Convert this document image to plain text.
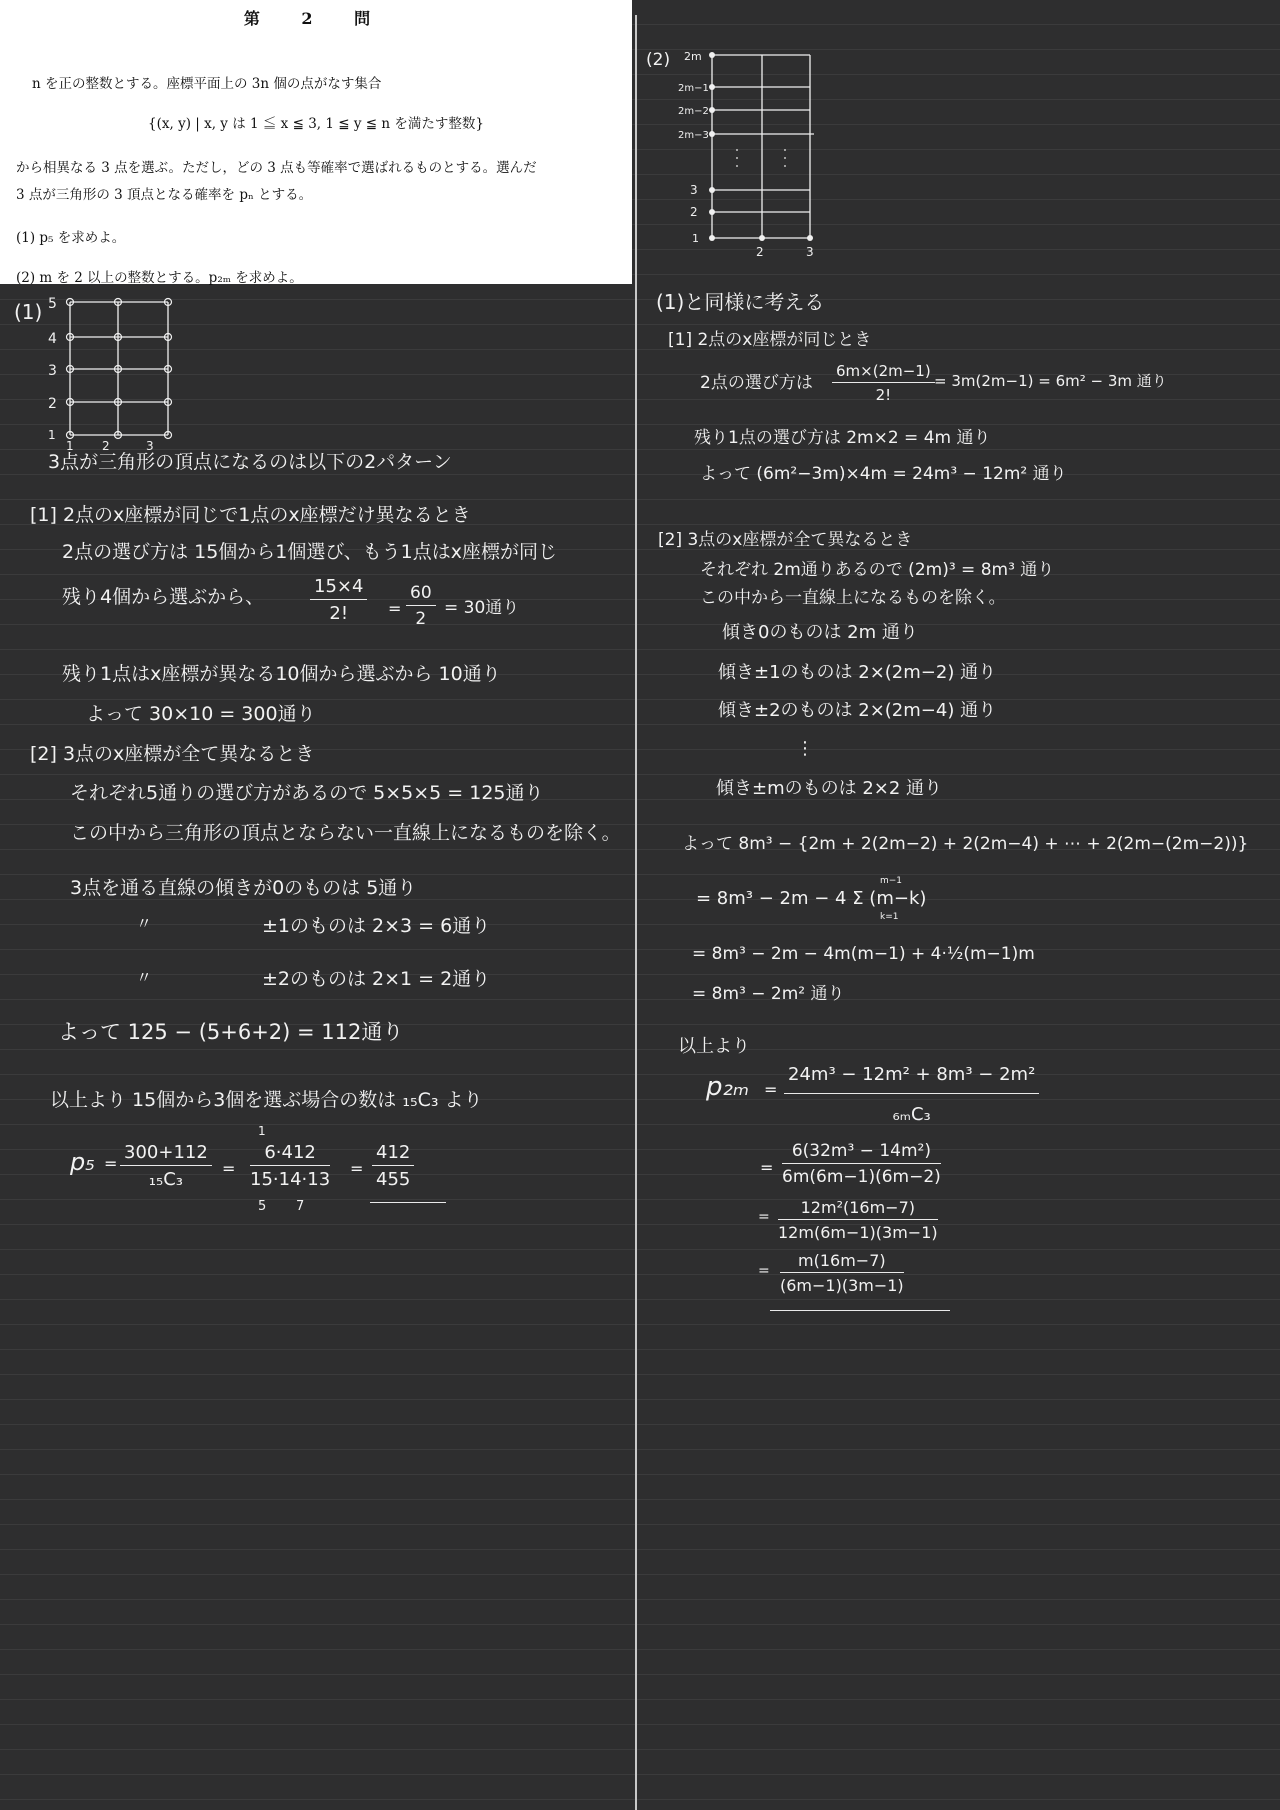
第 2 問
n を正の整数とする。座標平面上の 3n 個の点がなす集合
{(x, y) | x, y は 1 ≦ x ≦ 3, 1 ≦ y ≦ n を満たす整数}
から相異なる 3 点を選ぶ。ただし，どの 3 点も等確率で選ばれるものとする。選んだ
3 点が三角形の 3 頂点となる確率を pₙ とする。
(1) p₅ を求めよ。
(2) m を 2 以上の整数とする。p₂ₘ を求めよ。
(1) 5
4
3
2
1
1 2	3
3点が三角形の頂点になるのは以下の2パターン
[1] 2点のx座標が同じで1点のx座標だけ異なるとき
2点の選び方は 15個から1個選び、もう1点はx座標が同じ
残り4個から選ぶから、	$\frac{15\times 4}{2!} = \frac{60}{2} = 30$通り
残り1点はx座標が異なる10個から選ぶから 10通り
よって 30×10 = 300通り
[2] 3点のx座標が全て異なるとき
それぞれ5通りの選び方があるので 5×5×5 = 125通り
この中から三角形の頂点とならない一直線上になるものを除く。
3点を通る直線の傾きが0のものは 5通り
〃	±1のものは 2×3 = 6通り
〃	±2のものは 2×1 = 2通り
よって 125 − (5+6+2) = 112通り
以上より 15個から3個を選ぶ場合の数は ₁₅C₃ より
$p_5 = \frac{300+112}{\text{₁₅C₃}}$ =
1
$\frac{6\cdot 412}{15\cdot 14\cdot 13}$
5 7
= $\frac{412}{455}$
(2) 2m
2m−1
2m−2
2m−3
3
2
1
2	3
(1)と同様に考える
[1] 2点のx座標が同じとき
2点の選び方は $\frac{6m\times(2m-1)}{2!} = 3m(2m-1) = 6m^2 - 3m$ 通り
残り1点の選び方は 2m×2 = 4m 通り
よって (6m²−3m)×4m = 24m³ − 12m² 通り
[2] 3点のx座標が全て異なるとき
それぞれ 2m通りあるので (2m)³ = 8m³ 通り
この中から一直線上になるものを除く。
傾き0のものは 2m 通り
傾き±1のものは 2×(2m−2) 通り
傾き±2のものは 2×(2m−4) 通り
⋮
傾き±mのものは 2×2 通り
よって 8m³ − {2m + 2(2m−2) + 2(2m−4) + ⋯ + 2(2m−(2m−2))}
= 8m³ − 2m − 4 Σ (m−k)
m−1
k=1
= 8m³ − 2m − 4m(m−1) + 4·½(m−1)m
= 8m³ − 2m² 通り
以上より
$p_{2m} = \frac{\text{24m³ − 12m² + 8m³ − 2m²}}{\text{₆ₘC₃}}$
= $\frac{\text{6(32m³ − 14m²)}}{6m(6m-1)(6m-2)}$
= $\frac{\text{12m²(16m−7)}}{12m(6m-1)(3m-1)}$
= $\frac{m(16m-7)}{(6m-1)(3m-1)}$
